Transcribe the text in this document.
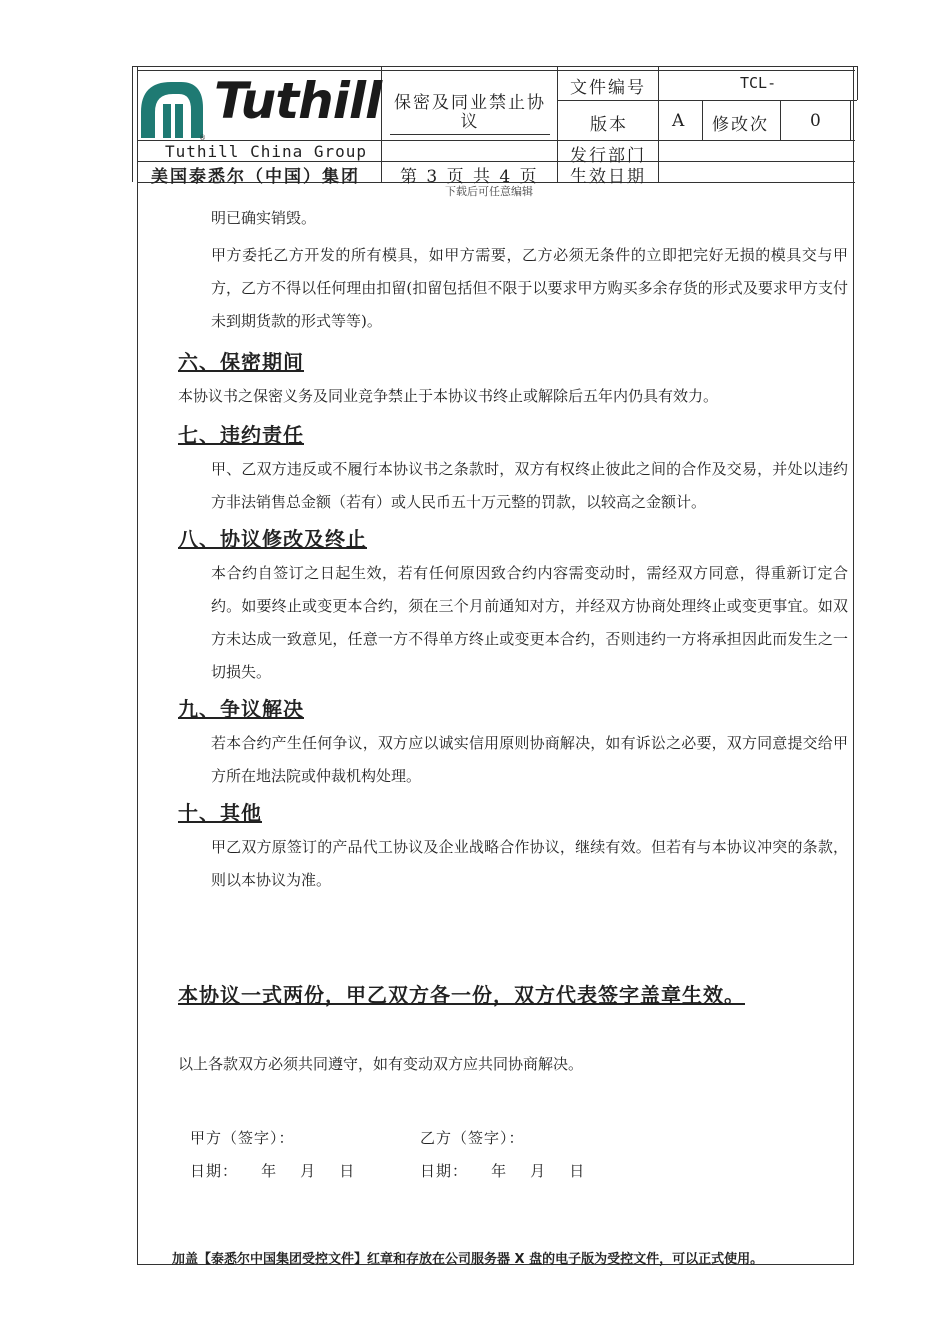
®
Tuthill
Tuthill China Group
美国泰悉尔（中国）集团
保密及同业禁止协议
第 3 页 共 4 页
文件编号	TCL-
版本	A 修改次 0
发行部门
生效日期
下载后可任意编辑

明已确实销毁。

甲方委托乙方开发的所有模具，如甲方需要，乙方必须无条件的立即把完好无损的模具交与甲方，乙方不得以任何理由扣留(扣留包括但不限于以要求甲方购买多余存货的形式及要求甲方支付未到期货款的形式等等)。

六、保密期间

本协议书之保密义务及同业竞争禁止于本协议书终止或解除后五年内仍具有效力。

七、违约责任

甲、乙双方违反或不履行本协议书之条款时，双方有权终止彼此之间的合作及交易，并处以违约方非法销售总金额（若有）或人民币五十万元整的罚款，以较高之金额计。

八、协议修改及终止

本合约自签订之日起生效，若有任何原因致合约内容需变动时，需经双方同意，得重新订定合约。如要终止或变更本合约，须在三个月前通知对方，并经双方协商处理终止或变更事宜。如双方未达成一致意见，任意一方不得单方终止或变更本合约，否则违约一方将承担因此而发生之一切损失。

九、争议解决

若本合约产生任何争议，双方应以诚实信用原则协商解决，如有诉讼之必要，双方同意提交给甲方所在地法院或仲裁机构处理。

十、其他

甲乙双方原签订的产品代工协议及企业战略合作协议，继续有效。但若有与本协议冲突的条款，则以本协议为准。

本协议一式两份，甲乙双方各一份，双方代表签字盖章生效。

以上各款双方必须共同遵守，如有变动双方应共同协商解决。

甲方（签字）：	乙方（签字）：
日期：    年    月    日	日期：    年    月    日
加盖【泰悉尔中国集团受控文件】红章和存放在公司服务器 X 盘的电子版为受控文件，可以正式使用。
